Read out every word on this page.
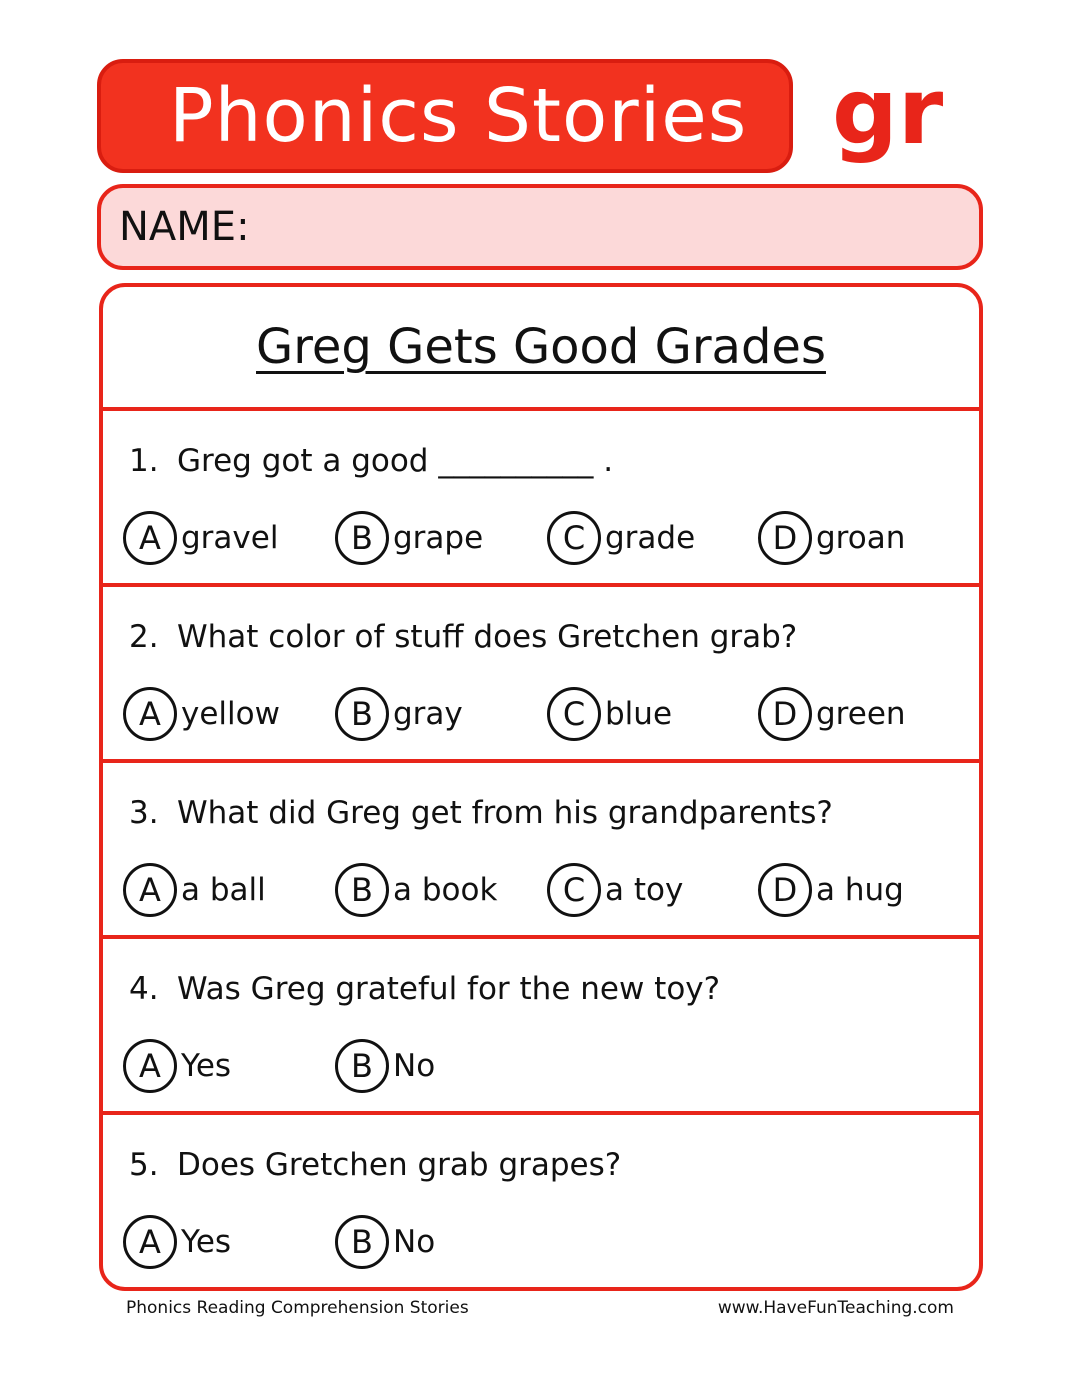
Phonics Stories gr
NAME:
Greg Gets Good Grades
1. Greg got a good __________ .
A gravel	B grape	C grade	D groan
2. What color of stuff does Gretchen grab?
A yellow	B gray	C blue	D green
3. What did Greg get from his grandparents?
A a ball	B a book	C a toy	D a hug
4. Was Greg grateful for the new toy?
A Yes	B No
5. Does Gretchen grab grapes?
A Yes	B No
Phonics Reading Comprehension Stories	www.HaveFunTeaching.com
